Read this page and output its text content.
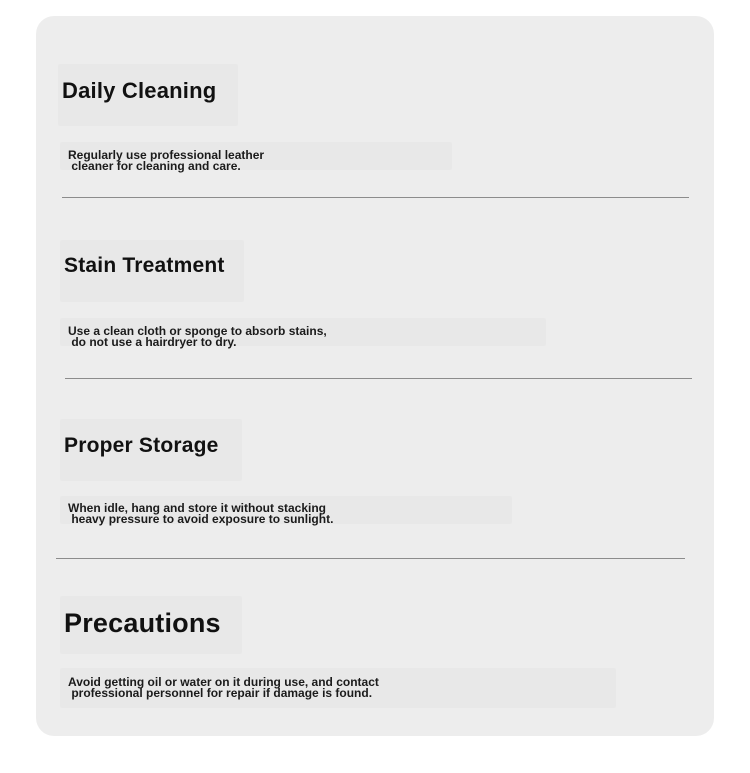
Daily Cleaning
Regularly use professional leather
cleaner for cleaning and care.
Stain Treatment
Use a clean cloth or sponge to absorb stains,
do not use a hairdryer to dry.
Proper Storage
When idle, hang and store it without stacking
heavy pressure to avoid exposure to sunlight.
Precautions
Avoid getting oil or water on it during use, and contact
professional personnel for repair if damage is found.
